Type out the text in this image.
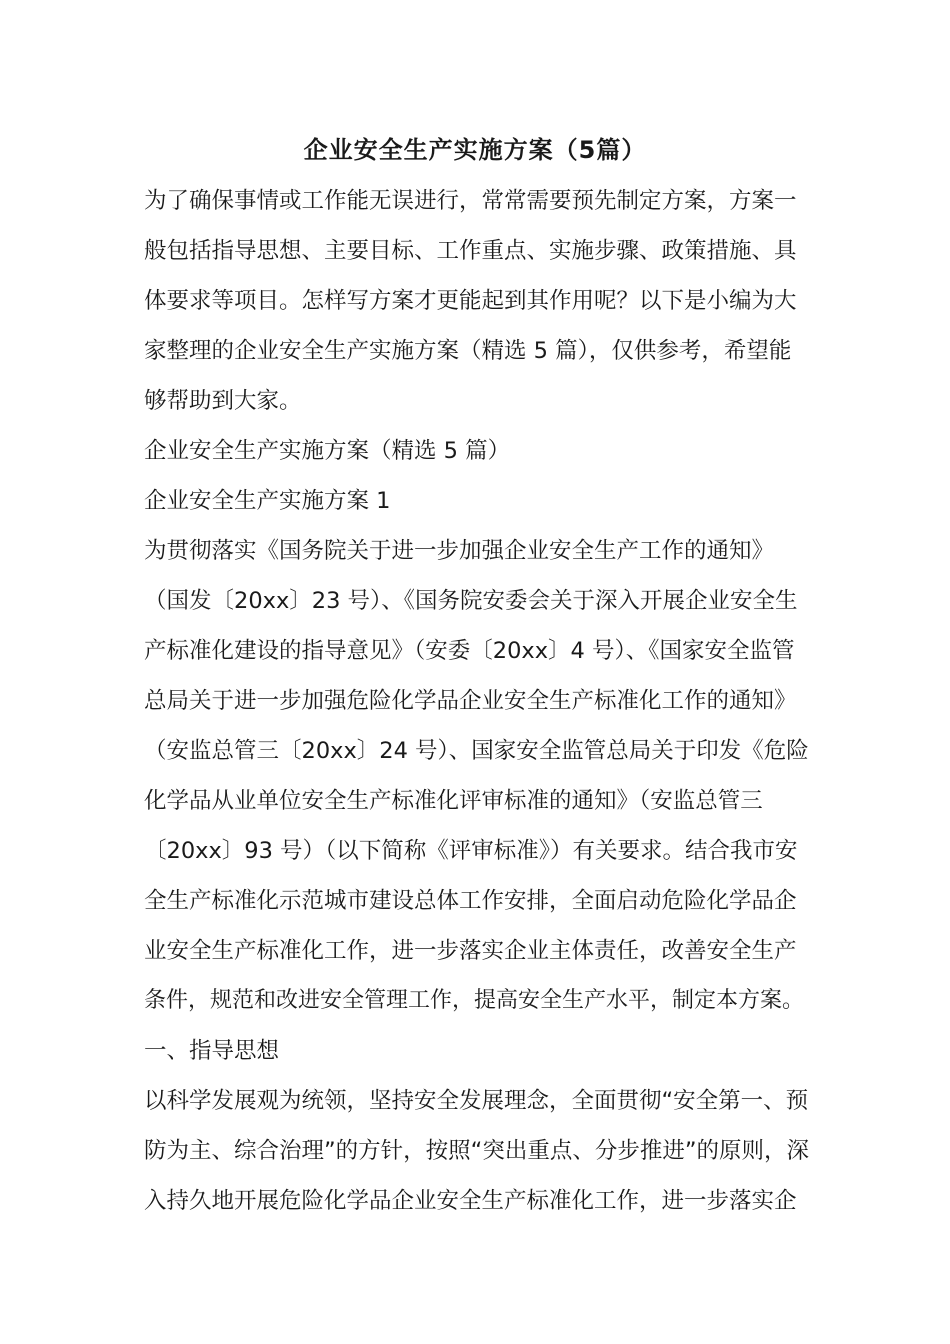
企业安全生产实施方案（5篇）
为了确保事情或工作能无误进行，常常需要预先制定方案，方案一
般包括指导思想、主要目标、工作重点、实施步骤、政策措施、具
体要求等项目。怎样写方案才更能起到其作用呢？以下是小编为大
家整理的企业安全生产实施方案（精选 5 篇），仅供参考，希望能
够帮助到大家。
企业安全生产实施方案（精选 5 篇）
企业安全生产实施方案 1
为贯彻落实《国务院关于进一步加强企业安全生产工作的通知》
（国发〔20xx〕23 号）、《国务院安委会关于深入开展企业安全生
产标准化建设的指导意见》（安委〔20xx〕4 号）、《国家安全监管
总局关于进一步加强危险化学品企业安全生产标准化工作的通知》
（安监总管三〔20xx〕24 号）、国家安全监管总局关于印发《危险
化学品从业单位安全生产标准化评审标准的通知》（安监总管三
〔20xx〕93 号）（以下简称《评审标准》）有关要求。结合我市安
全生产标准化示范城市建设总体工作安排，全面启动危险化学品企
业安全生产标准化工作，进一步落实企业主体责任，改善安全生产
条件，规范和改进安全管理工作，提高安全生产水平，制定本方案。
一、指导思想
以科学发展观为统领，坚持安全发展理念，全面贯彻“安全第一、预
防为主、综合治理”的方针，按照“突出重点、分步推进”的原则，深
入持久地开展危险化学品企业安全生产标准化工作，进一步落实企
